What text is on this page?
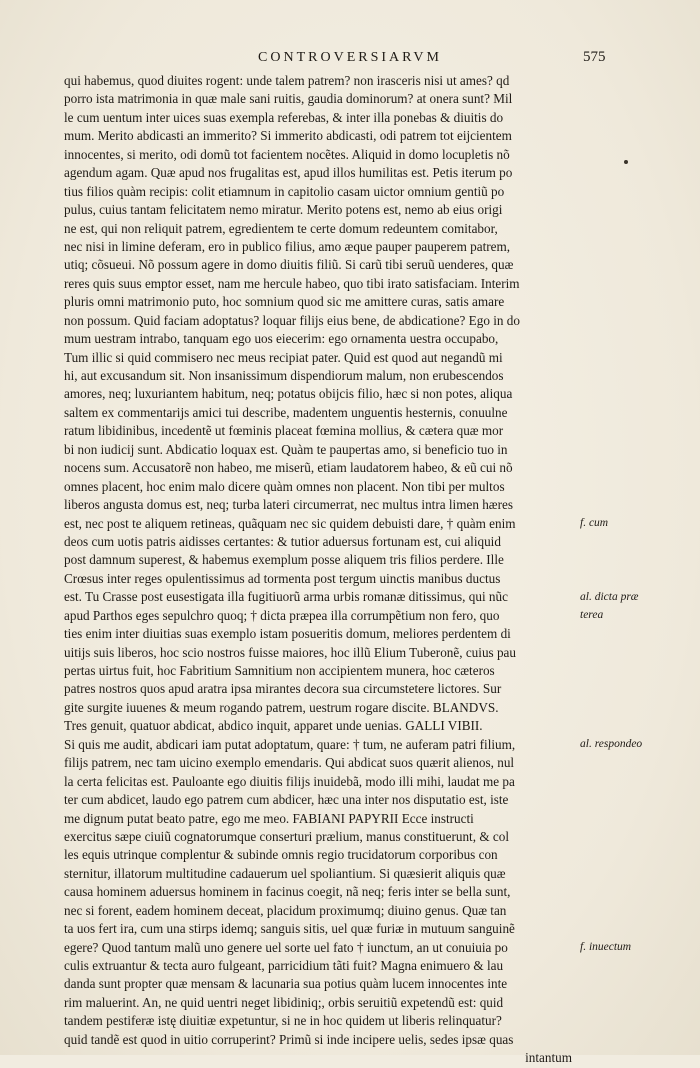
CONTROVERSIARVM	575
qui habemus, quod diuites rogent: unde talem patrem? non irasceris nisi ut ames? qd
porro ista matrimonia in quæ male sani ruitis, gaudia dominorum? at onera sunt? Mil
le cum uentum inter uices suas exempla referebas, & inter illa ponebas & diuitis do
mum. Merito abdicasti an immerito? Si immerito abdicasti, odi patrem tot eijcientem
innocentes, si merito, odi domũ tot facientem nocẽtes. Aliquid in domo locupletis nõ
agendum agam. Quæ apud nos frugalitas est, apud illos humilitas est. Petis iterum po
tius filios quàm recipis: colit etiamnum in capitolio casam uictor omnium gentiũ po
pulus, cuius tantam felicitatem nemo miratur. Merito potens est, nemo ab eius origi
ne est, qui non reliquit patrem, egredientem te certe domum redeuntem comitabor,
nec nisi in limine deferam, ero in publico filius, amo æque pauper pauperem patrem,
utiq; cõsueui. Nõ possum agere in domo diuitis filiũ. Si carũ tibi seruũ uenderes, quæ
reres quis suus emptor esset, nam me hercule habeo, quo tibi irato satisfaciam. Interim
pluris omni matrimonio puto, hoc somnium quod sic me amittere curas, satis amare
non possum. Quid faciam adoptatus? loquar filijs eius bene, de abdicatione? Ego in do
mum uestram intrabo, tanquam ego uos eiecerim: ego ornamenta uestra occupabo,
Tum illic si quid commisero nec meus recipiat pater. Quid est quod aut negandũ mi
hi, aut excusandum sit. Non insanissimum dispendiorum malum, non erubescendos
amores, neq; luxuriantem habitum, neq; potatus obijcis filio, hæc si non potes, aliqua
saltem ex commentarijs amici tui describe, madentem unguentis hesternis, conuulne
ratum libidinibus, incedentẽ ut fœminis placeat fœmina mollius, & cætera quæ mor
bi non iudicij sunt. Abdicatio loquax est. Quàm te paupertas amo, si beneficio tuo in
nocens sum. Accusatorẽ non habeo, me miserũ, etiam laudatorem habeo, & eũ cui nõ
omnes placent, hoc enim malo dicere quàm omnes non placent. Non tibi per multos
liberos angusta domus est, neq; turba lateri circumerrat, nec multus intra limen hæres
est, nec post te aliquem retineas, quãquam nec sic quidem debuisti dare, † quàm enim
deos cum uotis patris aidisses certantes: & tutior aduersus fortunam est, cui aliquid
post damnum superest, & habemus exemplum posse aliquem tris filios perdere. Ille
Crœsus inter reges opulentissimus ad tormenta post tergum uinctis manibus ductus
est. Tu Crasse post eusestigata illa fugitiuorũ arma urbis romanæ ditissimus, qui nũc
apud Parthos eges sepulchro quoq; † dicta præpea illa corrumpẽtium non fero, quo
ties enim inter diuitias suas exemplo istam posueritis domum, meliores perdentem di
uitijs suis liberos, hoc scio nostros fuisse maiores, hoc illũ Elium Tuberonẽ, cuius pau
pertas uirtus fuit, hoc Fabritium Samnitium non accipientem munera, hoc cæteros
patres nostros quos apud aratra ipsa mirantes decora sua circumstetere lictores. Sur
gite surgite iuuenes & meum rogando patrem, uestrum rogare discite. BLANDVS.
Tres genuit, quatuor abdicat, abdico inquit, apparet unde uenias. GALLI VIBII.
Si quis me audit, abdicari iam putat adoptatum, quare: † tum, ne auferam patri filium,
filijs patrem, nec tam uicino exemplo emendaris. Qui abdicat suos quærit alienos, nul
la certa felicitas est. Pauloante ego diuitis filijs inuidebã, modo illi mihi, laudat me pa
ter cum abdicet, laudo ego patrem cum abdicer, hæc una inter nos disputatio est, iste
me dignum putat beato patre, ego me meo. FABIANI PAPYRII Ecce instructi
exercitus sæpe ciuiũ cognatorumque conserturi prælium, manus constituerunt, & col
les equis utrinque complentur & subinde omnis regio trucidatorum corporibus con
sternitur, illatorum multitudine cadauerum uel spoliantium. Si quæsierit aliquis quæ
causa hominem aduersus hominem in facinus coegit, nã neq; feris inter se bella sunt,
nec si forent, eadem hominem deceat, placidum proximumq; diuino genus. Quæ tan
ta uos fert ira, cum una stirps idemq; sanguis sitis, uel quæ furiæ in mutuum sanguinẽ
egere? Quod tantum malũ uno genere uel sorte uel fato † iunctum, an ut conuiuia po
culis extruantur & tecta auro fulgeant, parricidium tãti fuit? Magna enimuero & lau
danda sunt propter quæ mensam & lacunaria sua potius quàm lucem innocentes inte
rim maluerint. An, ne quid uentri neget libidiniq;, orbis seruitiũ expetendũ est: quid
tandem pestiferæ istę diuitiæ expetuntur, si ne in hoc quidem ut liberis relinquatur?
quid tandẽ est quod in uitio corruperint? Primũ si inde incipere uelis, sedes ipsæ quas
intantum
f. cum
al. dicta præ
terea
al. respondeo
f. inuectum
